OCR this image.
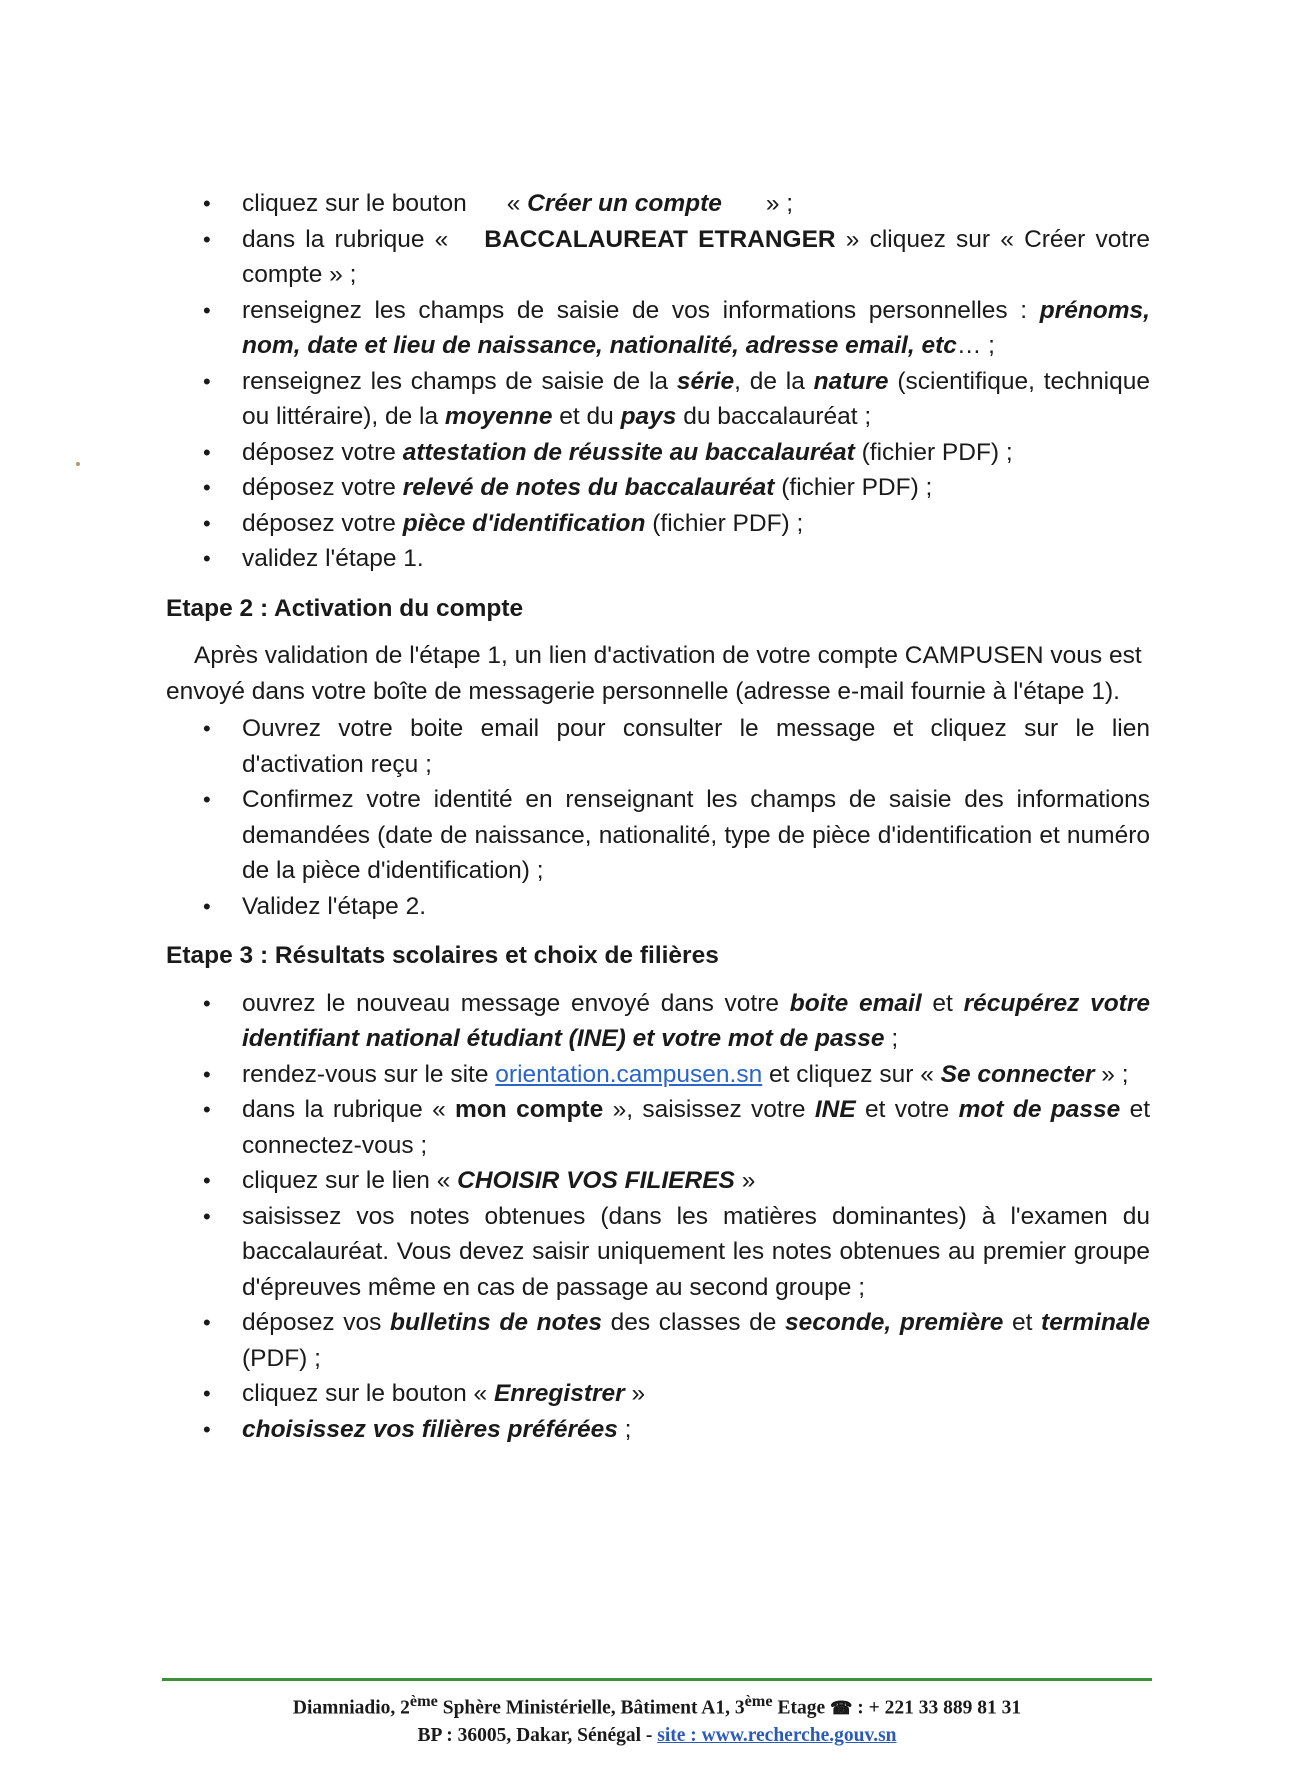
• cliquez sur le bouton « Créer un compte » ;
• dans la rubrique « BACCALAUREAT ETRANGER » cliquez sur « Créer votre compte » ;
• renseignez les champs de saisie de vos informations personnelles : prénoms, nom, date et lieu de naissance, nationalité, adresse email, etc… ;
• renseignez les champs de saisie de la série, de la nature (scientifique, technique ou littéraire), de la moyenne et du pays du baccalauréat ;
• déposez votre attestation de réussite au baccalauréat (fichier PDF) ;
• déposez votre relevé de notes du baccalauréat (fichier PDF) ;
• déposez votre pièce d'identification (fichier PDF) ;
• validez l'étape 1.
Etape 2 : Activation du compte

Après validation de l'étape 1, un lien d'activation de votre compte CAMPUSEN vous est envoyé dans votre boîte de messagerie personnelle (adresse e-mail fournie à l'étape 1).

• Ouvrez votre boite email pour consulter le message et cliquez sur le lien d'activation reçu ;
• Confirmez votre identité en renseignant les champs de saisie des informations demandées (date de naissance, nationalité, type de pièce d'identification et numéro de la pièce d'identification) ;
• Validez l'étape 2.
Etape 3 : Résultats scolaires et choix de filières
• ouvrez le nouveau message envoyé dans votre boite email et récupérez votre identifiant national étudiant (INE) et votre mot de passe ;
• rendez-vous sur le site orientation.campusen.sn et cliquez sur « Se connecter » ;
• dans la rubrique « mon compte », saisissez votre INE et votre mot de passe et connectez-vous ;
• cliquez sur le lien « CHOISIR VOS FILIERES »
• saisissez vos notes obtenues (dans les matières dominantes) à l'examen du baccalauréat. Vous devez saisir uniquement les notes obtenues au premier groupe d'épreuves même en cas de passage au second groupe ;
• déposez vos bulletins de notes des classes de seconde, première et terminale (PDF) ;
• cliquez sur le bouton « Enregistrer »
• choisissez vos filières préférées ;
Diamniadio, 2ème Sphère Ministérielle, Bâtiment A1, 3ème Etage ☎ : + 221 33 889 81 31
BP : 36005, Dakar, Sénégal - site : www.recherche.gouv.sn
